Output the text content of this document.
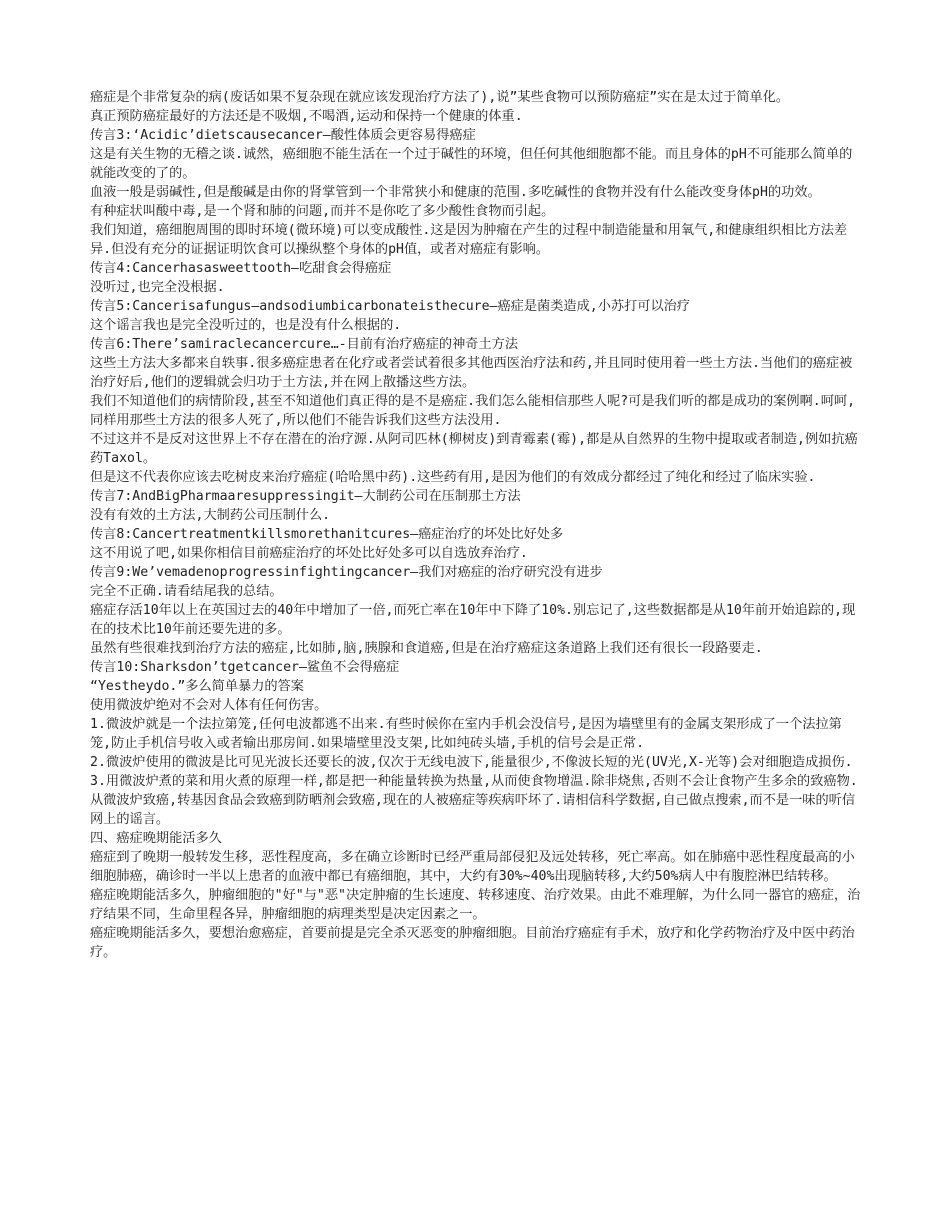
癌症是个非常复杂的病(废话如果不复杂现在就应该发现治疗方法了),说”某些食物可以预防癌症”实在是太过于简单化。

真正预防癌症最好的方法还是不吸烟,不喝酒,运动和保持一个健康的体重.

传言3:‘Acidic’dietscausecancer–酸性体质会更容易得癌症

这是有关生物的无稽之谈.诚然，癌细胞不能生活在一个过于碱性的环境，但任何其他细胞都不能。而且身体的pH不可能那么简单的就能改变的了的。

血液一般是弱碱性,但是酸碱是由你的肾掌管到一个非常狭小和健康的范围.多吃碱性的食物并没有什么能改变身体pH的功效。

有种症状叫酸中毒,是一个肾和肺的问题,而并不是你吃了多少酸性食物而引起。

我们知道，癌细胞周围的即时环境(微环境)可以变成酸性.这是因为肿瘤在产生的过程中制造能量和用氧气,和健康组织相比方法差异.但没有充分的证据证明饮食可以操纵整个身体的pH值，或者对癌症有影响。

传言4:Cancerhasasweettooth–吃甜食会得癌症

没听过,也完全没根据.

传言5:Cancerisafungus–andsodiumbicarbonateisthecure–癌症是菌类造成,小苏打可以治疗

这个谣言我也是完全没听过的，也是没有什么根据的.

传言6:There’samiraclecancercure…-目前有治疗癌症的神奇土方法

这些土方法大多都来自轶事.很多癌症患者在化疗或者尝试着很多其他西医治疗法和药,并且同时使用着一些土方法.当他们的癌症被治疗好后,他们的逻辑就会归功于土方法,并在网上散播这些方法。

我们不知道他们的病情阶段,甚至不知道他们真正得的是不是癌症.我们怎么能相信那些人呢?可是我们听的都是成功的案例啊.呵呵,同样用那些土方法的很多人死了,所以他们不能告诉我们这些方法没用.

不过这并不是反对这世界上不存在潜在的治疗源.从阿司匹林(柳树皮)到青霉素(霉),都是从自然界的生物中提取或者制造,例如抗癌药Taxol。

但是这不代表你应该去吃树皮来治疗癌症(哈哈黑中药).这些药有用,是因为他们的有效成分都经过了纯化和经过了临床实验.

传言7:AndBigPharmaaresuppressingit–大制药公司在压制那土方法

没有有效的土方法,大制药公司压制什么.

传言8:Cancertreatmentkillsmorethanitcures–癌症治疗的坏处比好处多

这不用说了吧,如果你相信目前癌症治疗的坏处比好处多可以自选放弃治疗.

传言9:We’vemadenoprogressinfightingcancer–我们对癌症的治疗研究没有进步

完全不正确.请看结尾我的总结。

癌症存活10年以上在英国过去的40年中增加了一倍,而死亡率在10年中下降了10%.别忘记了,这些数据都是从10年前开始追踪的,现在的技术比10年前还要先进的多。

虽然有些很难找到治疗方法的癌症,比如肺,脑,胰腺和食道癌,但是在治疗癌症这条道路上我们还有很长一段路要走.

传言10:Sharksdon’tgetcancer–鲨鱼不会得癌症

“Yestheydo.”多么简单暴力的答案

使用微波炉绝对不会对人体有任何伤害。

1.微波炉就是一个法拉第笼,任何电波都逃不出来.有些时候你在室内手机会没信号,是因为墙壁里有的金属支架形成了一个法拉第笼,防止手机信号收入或者输出那房间.如果墙壁里没支架,比如纯砖头墙,手机的信号会是正常.

2.微波炉使用的微波是比可见光波长还要长的波,仅次于无线电波下,能量很少,不像波长短的光(UV光,X-光等)会对细胞造成损伤.

3.用微波炉煮的菜和用火煮的原理一样,都是把一种能量转换为热量,从而使食物增温.除非烧焦,否则不会让食物产生多余的致癌物.

从微波炉致癌,转基因食品会致癌到防晒剂会致癌,现在的人被癌症等疾病吓坏了.请相信科学数据,自己做点搜索,而不是一味的听信网上的谣言。

四、癌症晚期能活多久

癌症到了晚期一般转发生移，恶性程度高，多在确立诊断时已经严重局部侵犯及远处转移，死亡率高。如在肺癌中恶性程度最高的小细胞肺癌，确诊时一半以上患者的血液中都已有癌细胞，其中，大约有30%~40%出现脑转移,大约50%病人中有腹腔淋巴结转移。

癌症晚期能活多久，肿瘤细胞的"好"与"恶"决定肿瘤的生长速度、转移速度、治疗效果。由此不难理解，为什么同一器官的癌症，治疗结果不同，生命里程各异，肿瘤细胞的病理类型是决定因素之一。

癌症晚期能活多久，要想治愈癌症，首要前提是完全杀灭恶变的肿瘤细胞。目前治疗癌症有手术，放疗和化学药物治疗及中医中药治疗。
